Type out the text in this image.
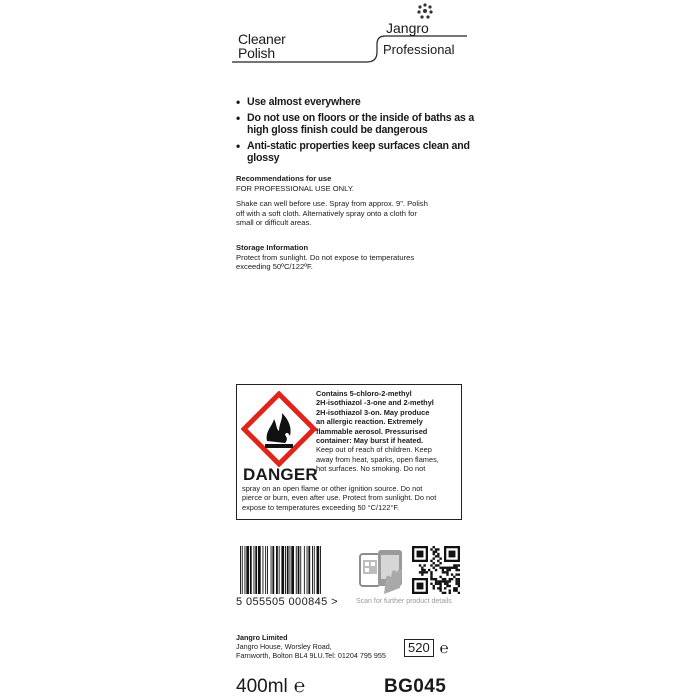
Cleaner
Polish
Jangro
Professional
• Use almost everywhere
• Do not use on floors or the inside of baths as a high gloss finish could be dangerous
• Anti-static properties keep surfaces clean and glossy
Recommendations for use
FOR PROFESSIONAL USE ONLY.
Shake can well before use. Spray from approx. 9". Polish
off with a soft cloth. Alternatively spray onto a cloth for
small or difficult areas.
Storage Information
Protect from sunlight. Do not expose to temperatures
exceeding 50ºC/122ºF.
DANGER
Contains 5-chloro-2-methyl
2H-isothiazol -3-one and 2-methyl
2H-isothiazol 3-on. May produce
an allergic reaction. Extremely
flammable aerosol. Pressurised
container: May burst if heated.
Keep out of reach of children. Keep
away from heat, sparks, open flames,
hot surfaces. No smoking. Do not
spray on an open flame or other ignition source. Do not
pierce or burn, even after use. Protect from sunlight. Do not
expose to temperatures exceeding 50 °C/122°F.
5 055505 000845 >	Scan for further product details
Jangro Limited
Jangro House, Worsley Road,
Farnworth, Bolton BL4 9LU.Tel: 01204 795 955
520 ℮
400ml ℮	BG045
